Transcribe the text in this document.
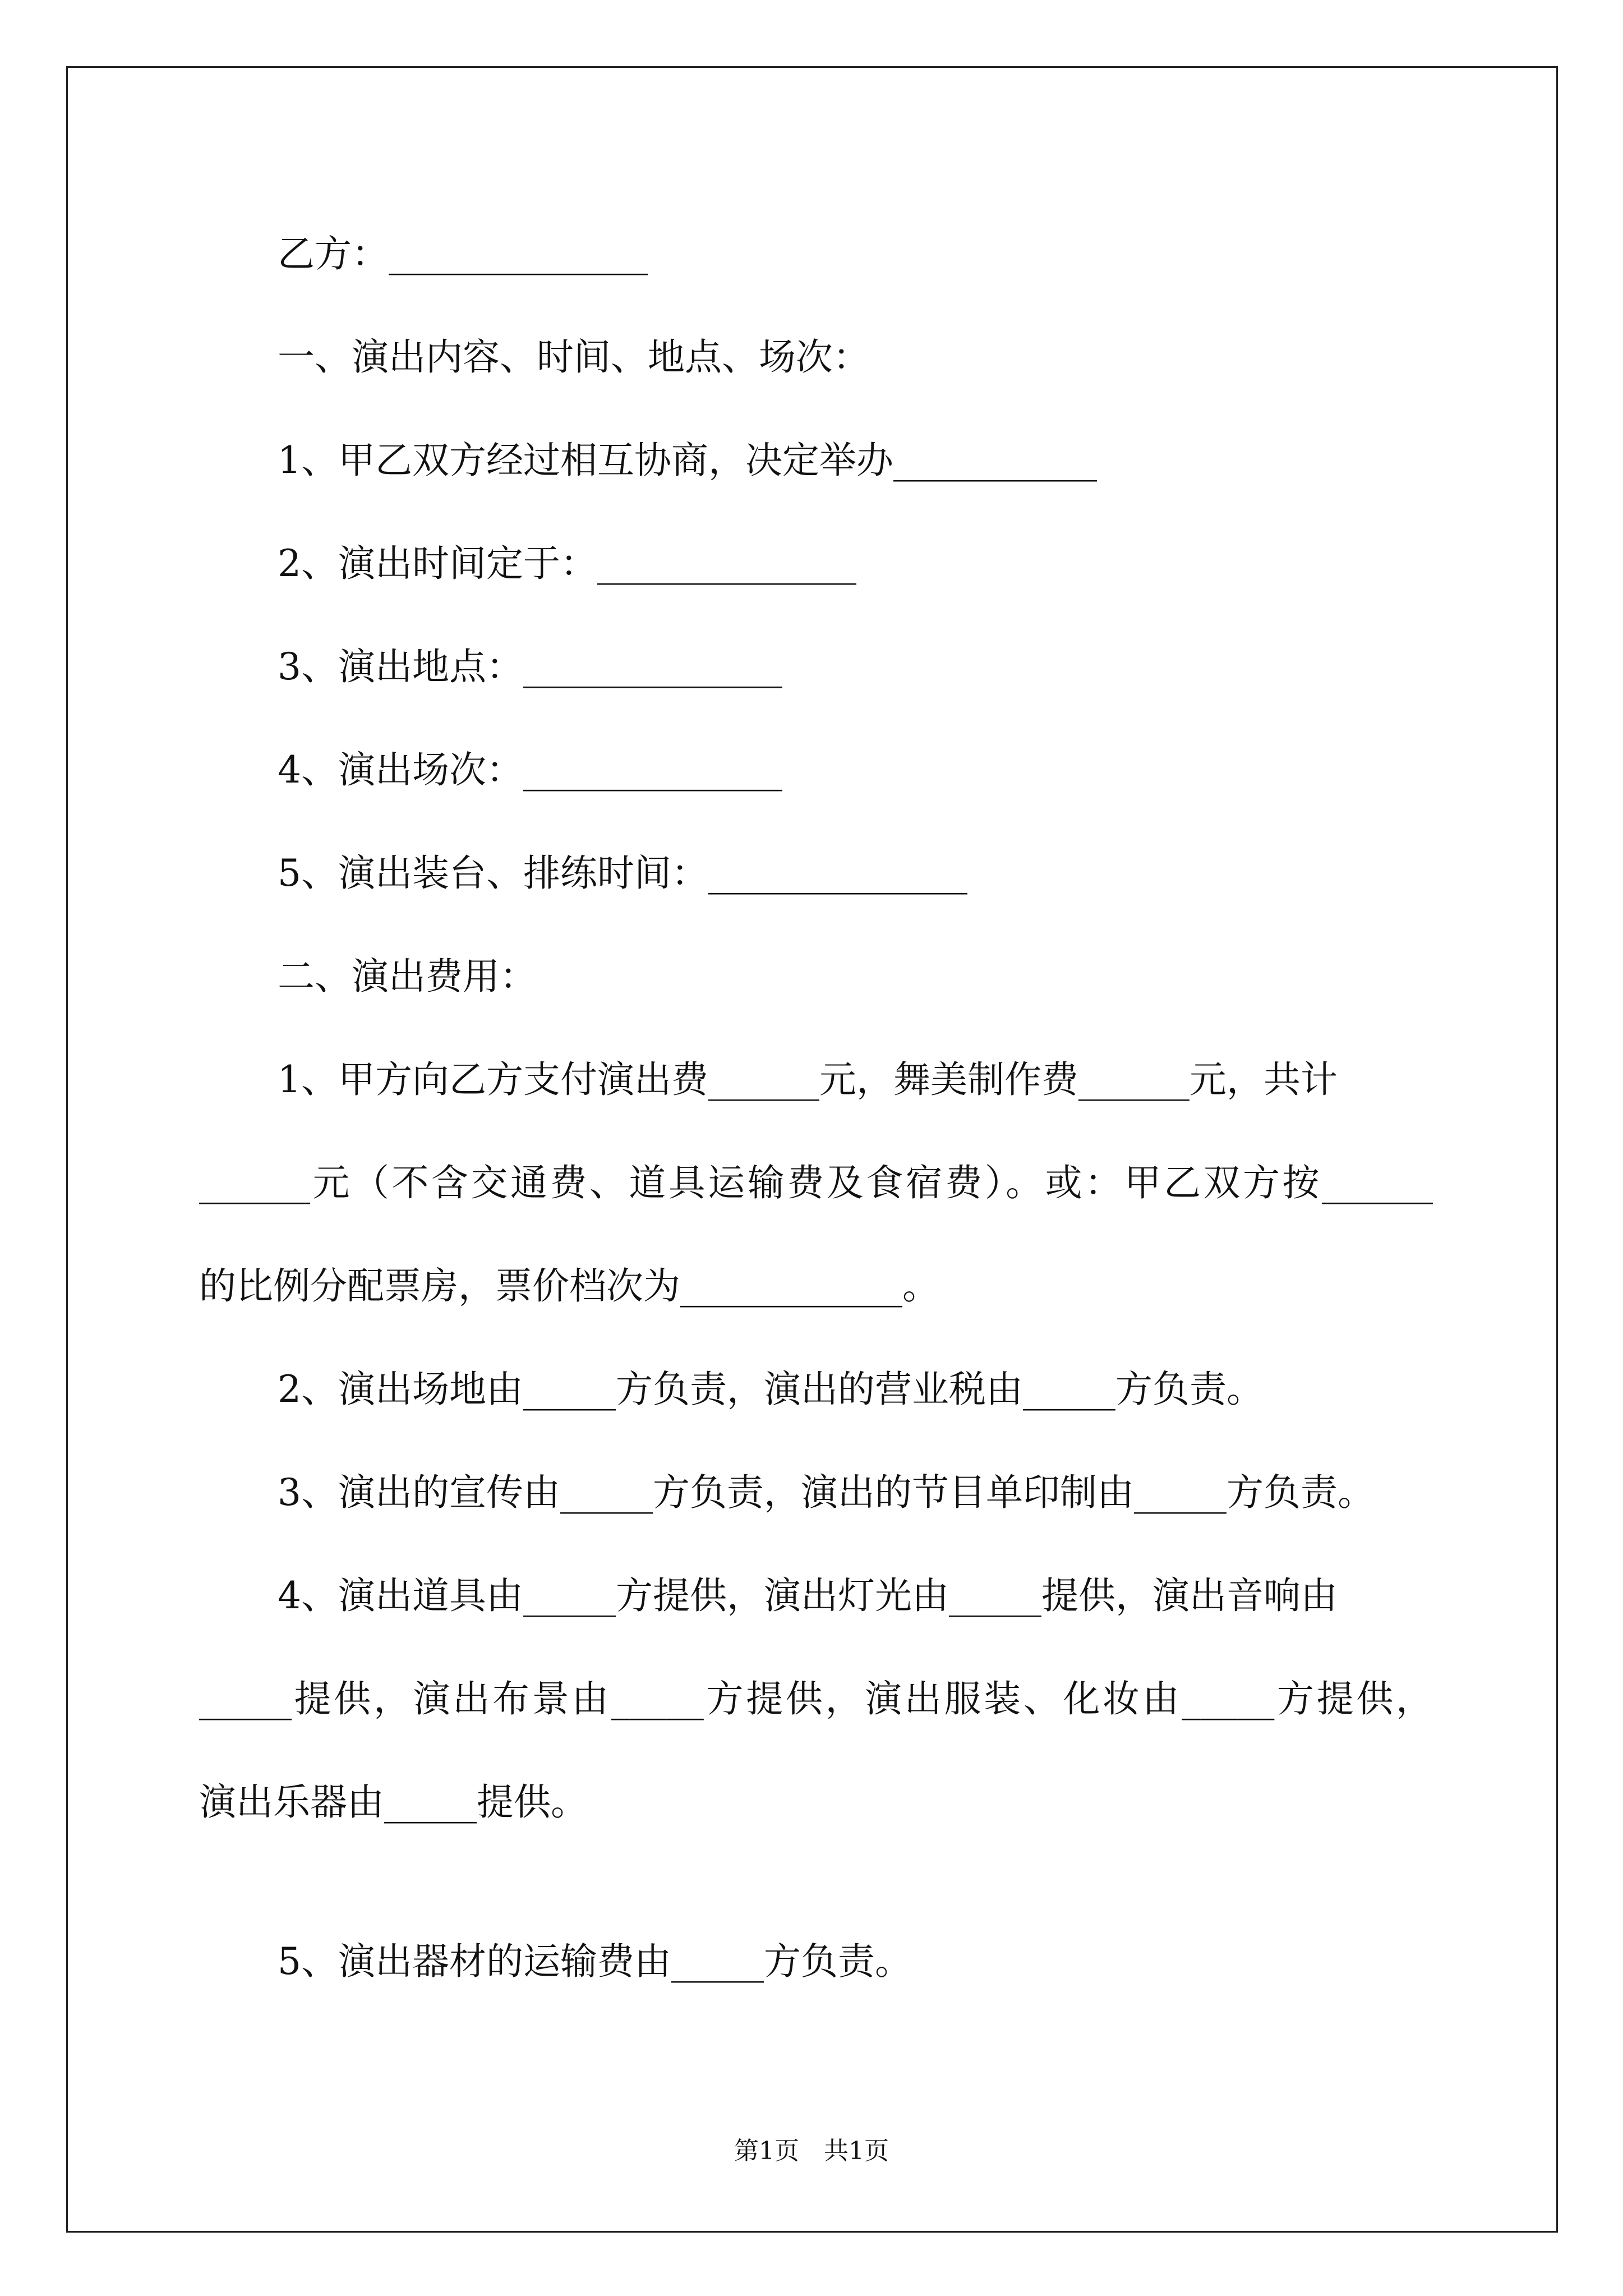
乙方：______________
一、演出内容、时间、地点、场次：
1、甲乙双方经过相互协商，决定举办___________
2、演出时间定于：______________
3、演出地点：______________
4、演出场次：______________
5、演出装台、排练时间：______________
二、演出费用：
1、甲方向乙方支付演出费______元，舞美制作费______元，共计
______元（不含交通费、道具运输费及食宿费）。或：甲乙双方按______
的比例分配票房，票价档次为____________。
2、演出场地由_____方负责，演出的营业税由_____方负责。
3、演出的宣传由_____方负责，演出的节目单印制由_____方负责。
4、演出道具由_____方提供，演出灯光由_____提供，演出音响由
_____提供，演出布景由_____方提供，演出服装、化妆由_____方提供，
演出乐器由_____提供。
5、演出器材的运输费由_____方负责。
第1页　共1页
